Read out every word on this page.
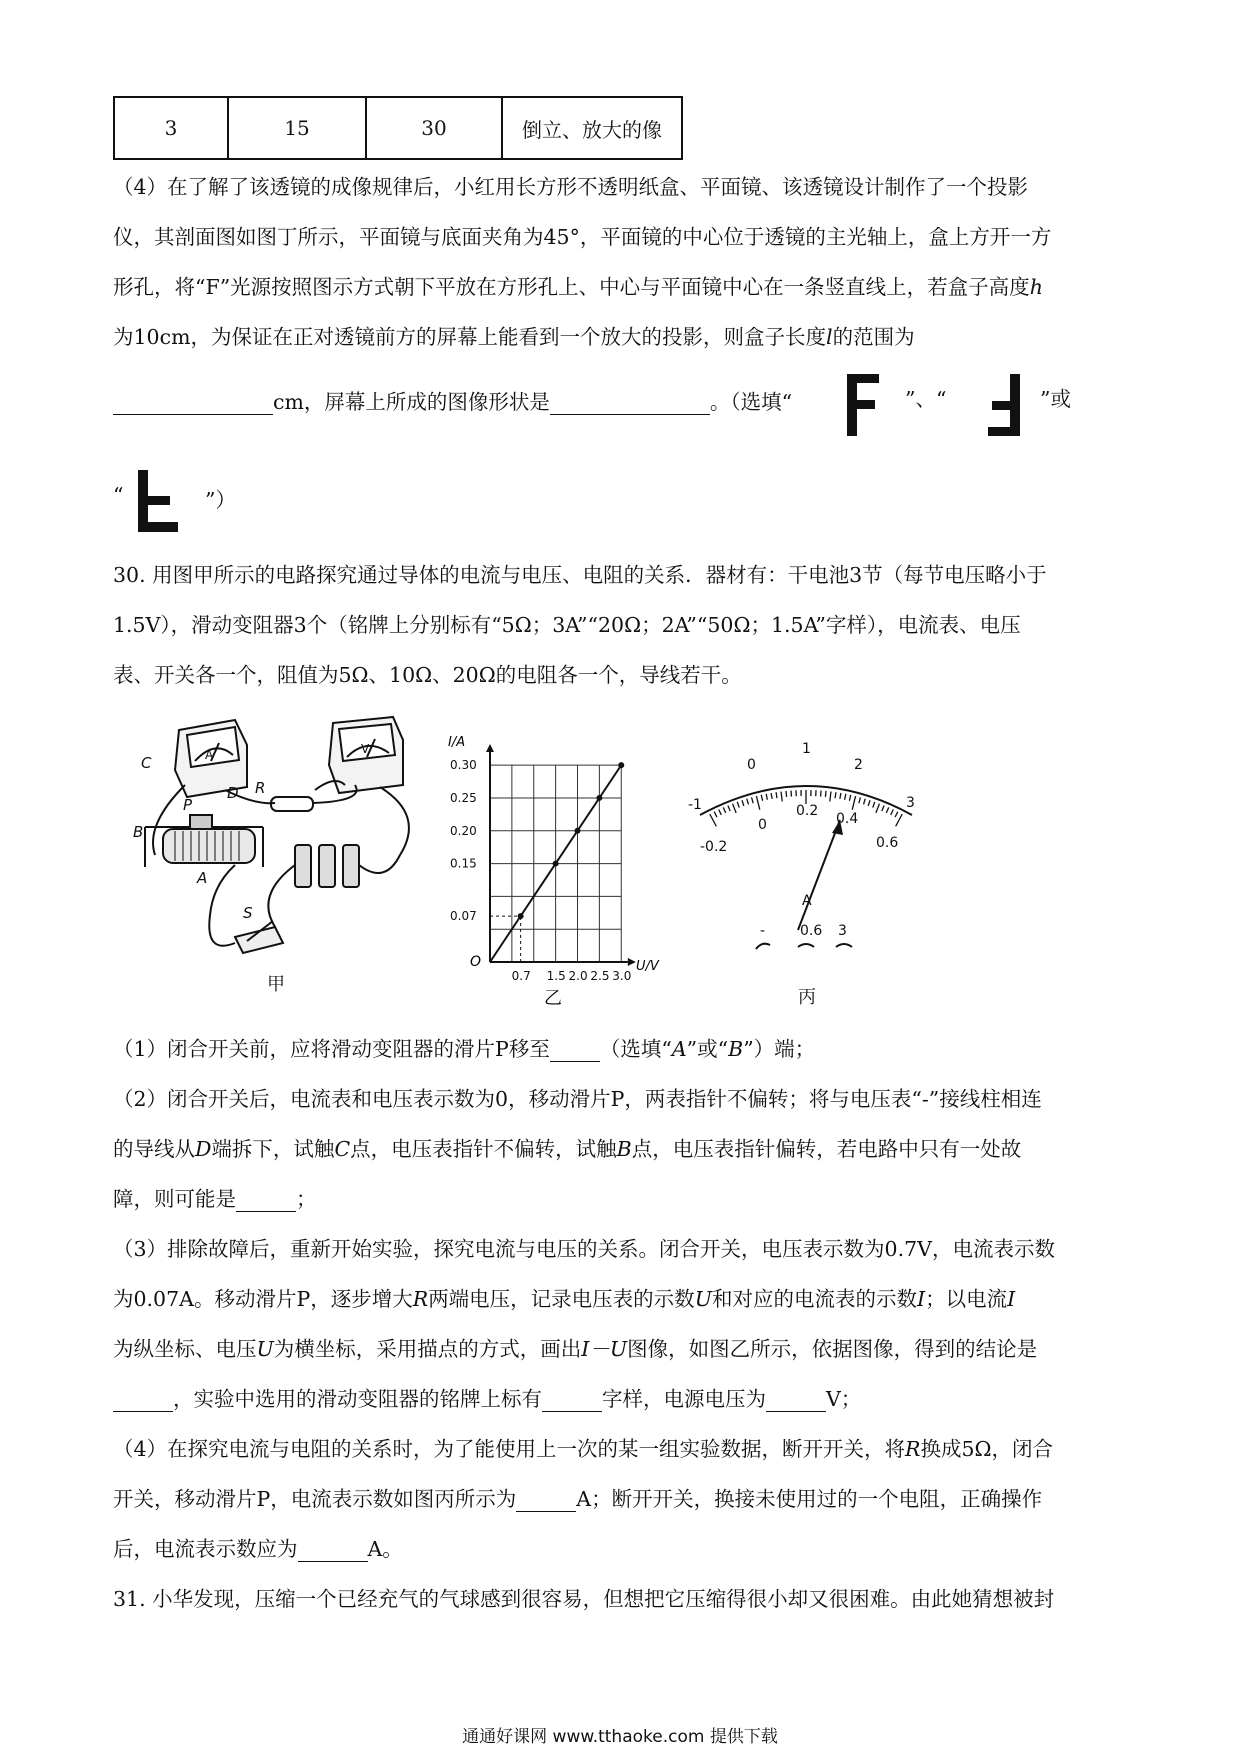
3	15	30	倒立、放大的像
（4）在了解了该透镜的成像规律后，小红用长方形不透明纸盒、平面镜、该透镜设计制作了一个投影
仪，其剖面图如图丁所示，平面镜与底面夹角为45°，平面镜的中心位于透镜的主光轴上，盒上方开一方
形孔，将“F”光源按照图示方式朝下平放在方形孔上、中心与平面镜中心在一条竖直线上，若盒子高度h
为10cm，为保证在正对透镜前方的屏幕上能看到一个放大的投影，则盒子长度l的范围为
cm，屏幕上所成的图像形状是	。（选填“	”、“	”或
“	”）
30. 用图甲所示的电路探究通过导体的电流与电压、电阻的关系．器材有：干电池3节（每节电压略小于
1.5V），滑动变阻器3个（铭牌上分别标有“5Ω；3A”“20Ω；2A”“50Ω；1.5A”字样），电流表、电压
表、开关各一个，阻值为5Ω、10Ω、20Ω的电阻各一个，导线若干。
C
P
D R
B
A
S
A	V
甲	0.7 1.5 2.0 2.5 3.0
0.07
0.15
0.20
0.25
0.30
I/A
U/V
O
乙
-1
0
1
2
3
-0.2
0
0.2 0.4
0.6
A
- 0.6 3
丙
（1）闭合开关前，应将滑动变阻器的滑片P移至 （选填“A”或“B”）端；
（2）闭合开关后，电流表和电压表示数为0，移动滑片P，两表指针不偏转；将与电压表“-”接线柱相连
的导线从D端拆下，试触C点，电压表指针不偏转，试触B点，电压表指针偏转，若电路中只有一处故
障，则可能是	；
（3）排除故障后，重新开始实验，探究电流与电压的关系。闭合开关，电压表示数为0.7V，电流表示数
为0.07A。移动滑片P，逐步增大R两端电压，记录电压表的示数U和对应的电流表的示数I；以电流I
为纵坐标、电压U为横坐标，采用描点的方式，画出I－U图像，如图乙所示，依据图像，得到的结论是
，实验中选用的滑动变阻器的铭牌上标有	字样，电源电压为	V；
（4）在探究电流与电阻的关系时，为了能使用上一次的某一组实验数据，断开开关，将R换成5Ω，闭合
开关，移动滑片P，电流表示数如图丙所示为	A；断开开关，换接未使用过的一个电阻，正确操作
后，电流表示数应为	A。
31. 小华发现，压缩一个已经充气的气球感到很容易，但想把它压缩得很小却又很困难。由此她猜想被封
通通好课网 www.tthaoke.com 提供下载
